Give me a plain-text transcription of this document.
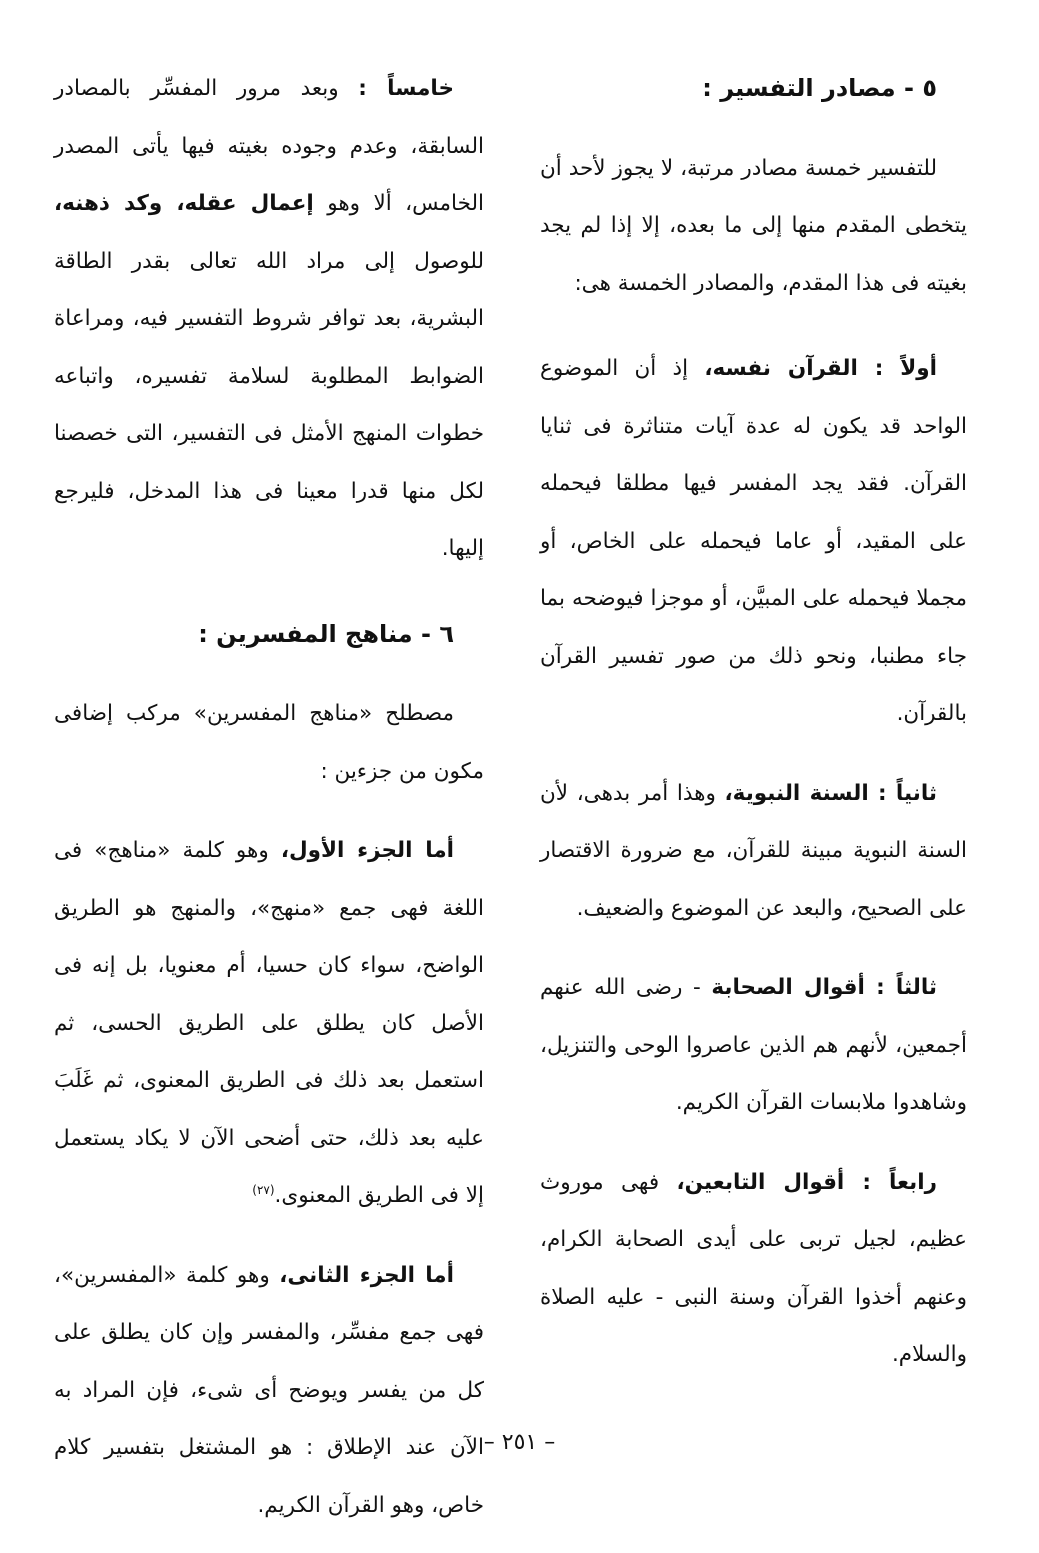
٥ - مصادر التفسير :

للتفسير خمسة مصادر مرتبة، لا يجوز لأحد أن يتخطى المقدم منها إلى ما بعده، إلا إذا لم يجد بغيته فى هذا المقدم، والمصادر الخمسة هى:

أولاً : القرآن نفسه، إذ أن الموضوع الواحد قد يكون له عدة آيات متناثرة فى ثنايا القرآن. فقد يجد المفسر فيها مطلقا فيحمله على المقيد، أو عاما فيحمله على الخاص، أو مجملا فيحمله على المبيَّن، أو موجزا فيوضحه بما جاء مطنبا، ونحو ذلك من صور تفسير القرآن بالقرآن.

ثانياً : السنة النبوية، وهذا أمر بدهى، لأن السنة النبوية مبينة للقرآن، مع ضرورة الاقتصار على الصحيح، والبعد عن الموضوع والضعيف.

ثالثاً : أقوال الصحابة - رضى الله عنهم أجمعين، لأنهم هم الذين عاصروا الوحى والتنزيل، وشاهدوا ملابسات القرآن الكريم.

رابعاً : أقوال التابعين، فهى موروث عظيم، لجيل تربى على أيدى الصحابة الكرام، وعنهم أخذوا القرآن وسنة النبى - عليه الصلاة والسلام.

خامساً : وبعد مرور المفسِّر بالمصادر السابقة، وعدم وجوده بغيته فيها يأتى المصدر الخامس، ألا وهو إعمال عقله، وكد ذهنه، للوصول إلى مراد الله تعالى بقدر الطاقة البشرية، بعد توافر شروط التفسير فيه، ومراعاة الضوابط المطلوبة لسلامة تفسيره، واتباعه خطوات المنهج الأمثل فى التفسير، التى خصصنا لكل منها قدرا معينا فى هذا المدخل، فليرجع إليها.

٦ - مناهج المفسرين :

مصطلح «مناهج المفسرين» مركب إضافى مكون من جزءين :

أما الجزء الأول، وهو كلمة «مناهج» فى اللغة فهى جمع «منهج»، والمنهج هو الطريق الواضح، سواء كان حسيا، أم معنويا، بل إنه فى الأصل كان يطلق على الطريق الحسى، ثم استعمل بعد ذلك فى الطريق المعنوى، ثم غَلَبَ عليه بعد ذلك، حتى أضحى الآن لا يكاد يستعمل إلا فى الطريق المعنوى.$^{(٢٧)}$

أما الجزء الثانى، وهو كلمة «المفسرين»، فهى جمع مفسِّر، والمفسر وإن كان يطلق على كل من يفسر ويوضح أى شىء، فإن المراد به الآن عند الإطلاق : هو المشتغل بتفسير كلام خاص، وهو القرآن الكريم.

– ٢٥١ –
